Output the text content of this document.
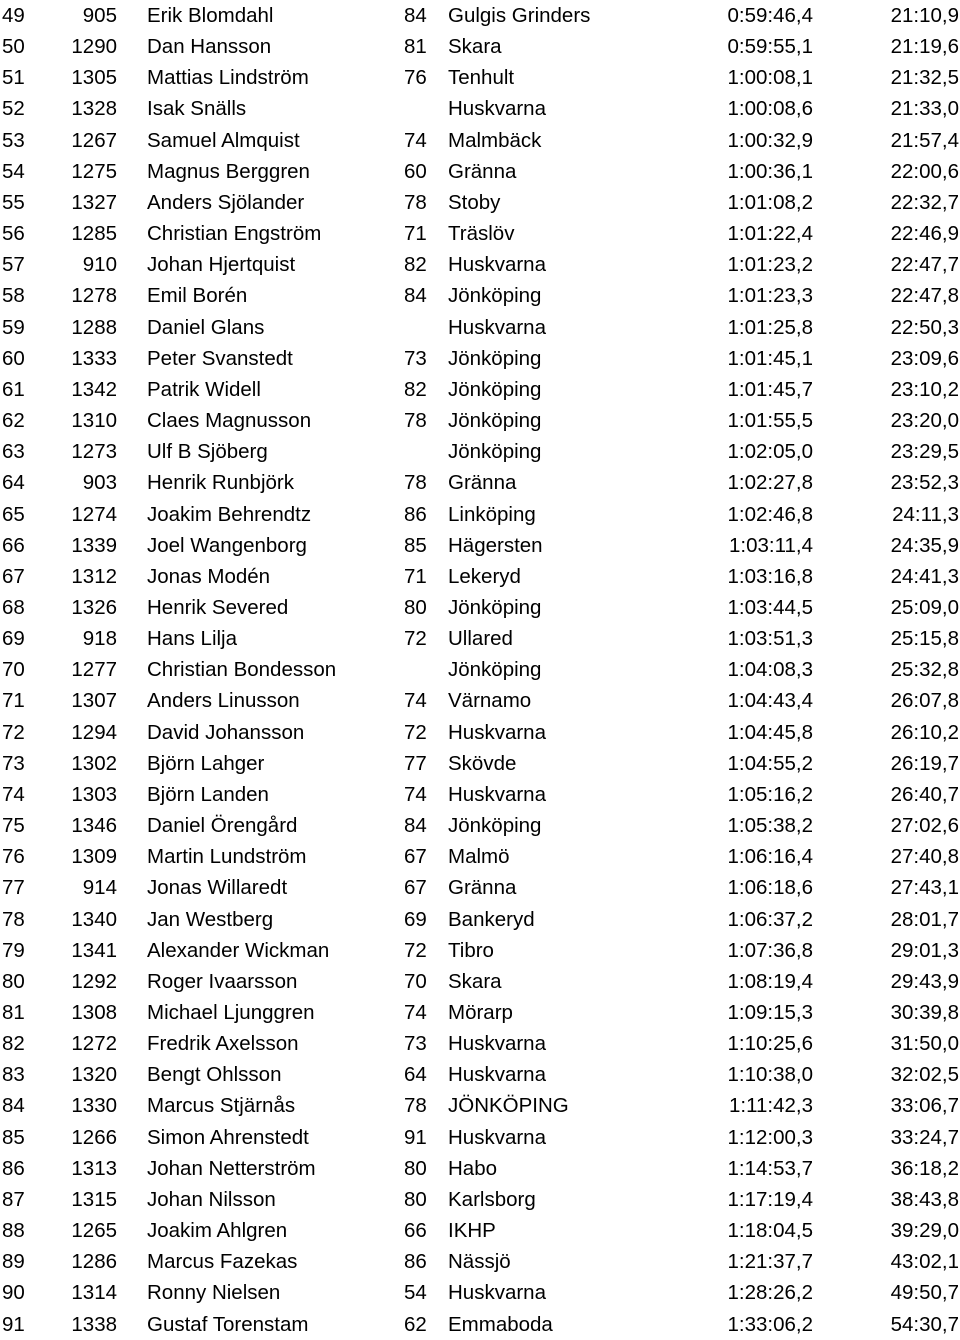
49	905	Erik Blomdahl	84	Gulgis Grinders	0:59:46,4	21:10,9
50	1290	Dan Hansson	81	Skara	0:59:55,1	21:19,6
51	1305	Mattias Lindström	76	Tenhult	1:00:08,1	21:32,5
52	1328	Isak Snälls		Huskvarna	1:00:08,6	21:33,0
53	1267	Samuel Almquist	74	Malmbäck	1:00:32,9	21:57,4
54	1275	Magnus Berggren	60	Gränna	1:00:36,1	22:00,6
55	1327	Anders Sjölander	78	Stoby	1:01:08,2	22:32,7
56	1285	Christian Engström	71	Träslöv	1:01:22,4	22:46,9
57	910	Johan Hjertquist	82	Huskvarna	1:01:23,2	22:47,7
58	1278	Emil Borén	84	Jönköping	1:01:23,3	22:47,8
59	1288	Daniel Glans		Huskvarna	1:01:25,8	22:50,3
60	1333	Peter Svanstedt	73	Jönköping	1:01:45,1	23:09,6
61	1342	Patrik Widell	82	Jönköping	1:01:45,7	23:10,2
62	1310	Claes Magnusson	78	Jönköping	1:01:55,5	23:20,0
63	1273	Ulf B Sjöberg		Jönköping	1:02:05,0	23:29,5
64	903	Henrik Runbjörk	78	Gränna	1:02:27,8	23:52,3
65	1274	Joakim Behrendtz	86	Linköping	1:02:46,8	24:11,3
66	1339	Joel Wangenborg	85	Hägersten	1:03:11,4	24:35,9
67	1312	Jonas Modén	71	Lekeryd	1:03:16,8	24:41,3
68	1326	Henrik Severed	80	Jönköping	1:03:44,5	25:09,0
69	918	Hans Lilja	72	Ullared	1:03:51,3	25:15,8
70	1277	Christian Bondesson		Jönköping	1:04:08,3	25:32,8
71	1307	Anders Linusson	74	Värnamo	1:04:43,4	26:07,8
72	1294	David Johansson	72	Huskvarna	1:04:45,8	26:10,2
73	1302	Björn Lahger	77	Skövde	1:04:55,2	26:19,7
74	1303	Björn Landen	74	Huskvarna	1:05:16,2	26:40,7
75	1346	Daniel Örengård	84	Jönköping	1:05:38,2	27:02,6
76	1309	Martin Lundström	67	Malmö	1:06:16,4	27:40,8
77	914	Jonas Willaredt	67	Gränna	1:06:18,6	27:43,1
78	1340	Jan Westberg	69	Bankeryd	1:06:37,2	28:01,7
79	1341	Alexander Wickman	72	Tibro	1:07:36,8	29:01,3
80	1292	Roger Ivaarsson	70	Skara	1:08:19,4	29:43,9
81	1308	Michael Ljunggren	74	Mörarp	1:09:15,3	30:39,8
82	1272	Fredrik Axelsson	73	Huskvarna	1:10:25,6	31:50,0
83	1320	Bengt Ohlsson	64	Huskvarna	1:10:38,0	32:02,5
84	1330	Marcus Stjärnås	78	JÖNKÖPING	1:11:42,3	33:06,7
85	1266	Simon Ahrenstedt	91	Huskvarna	1:12:00,3	33:24,7
86	1313	Johan Netterström	80	Habo	1:14:53,7	36:18,2
87	1315	Johan Nilsson	80	Karlsborg	1:17:19,4	38:43,8
88	1265	Joakim Ahlgren	66	IKHP	1:18:04,5	39:29,0
89	1286	Marcus Fazekas	86	Nässjö	1:21:37,7	43:02,1
90	1314	Ronny Nielsen	54	Huskvarna	1:28:26,2	49:50,7
91	1338	Gustaf Torenstam	62	Emmaboda	1:33:06,2	54:30,7
